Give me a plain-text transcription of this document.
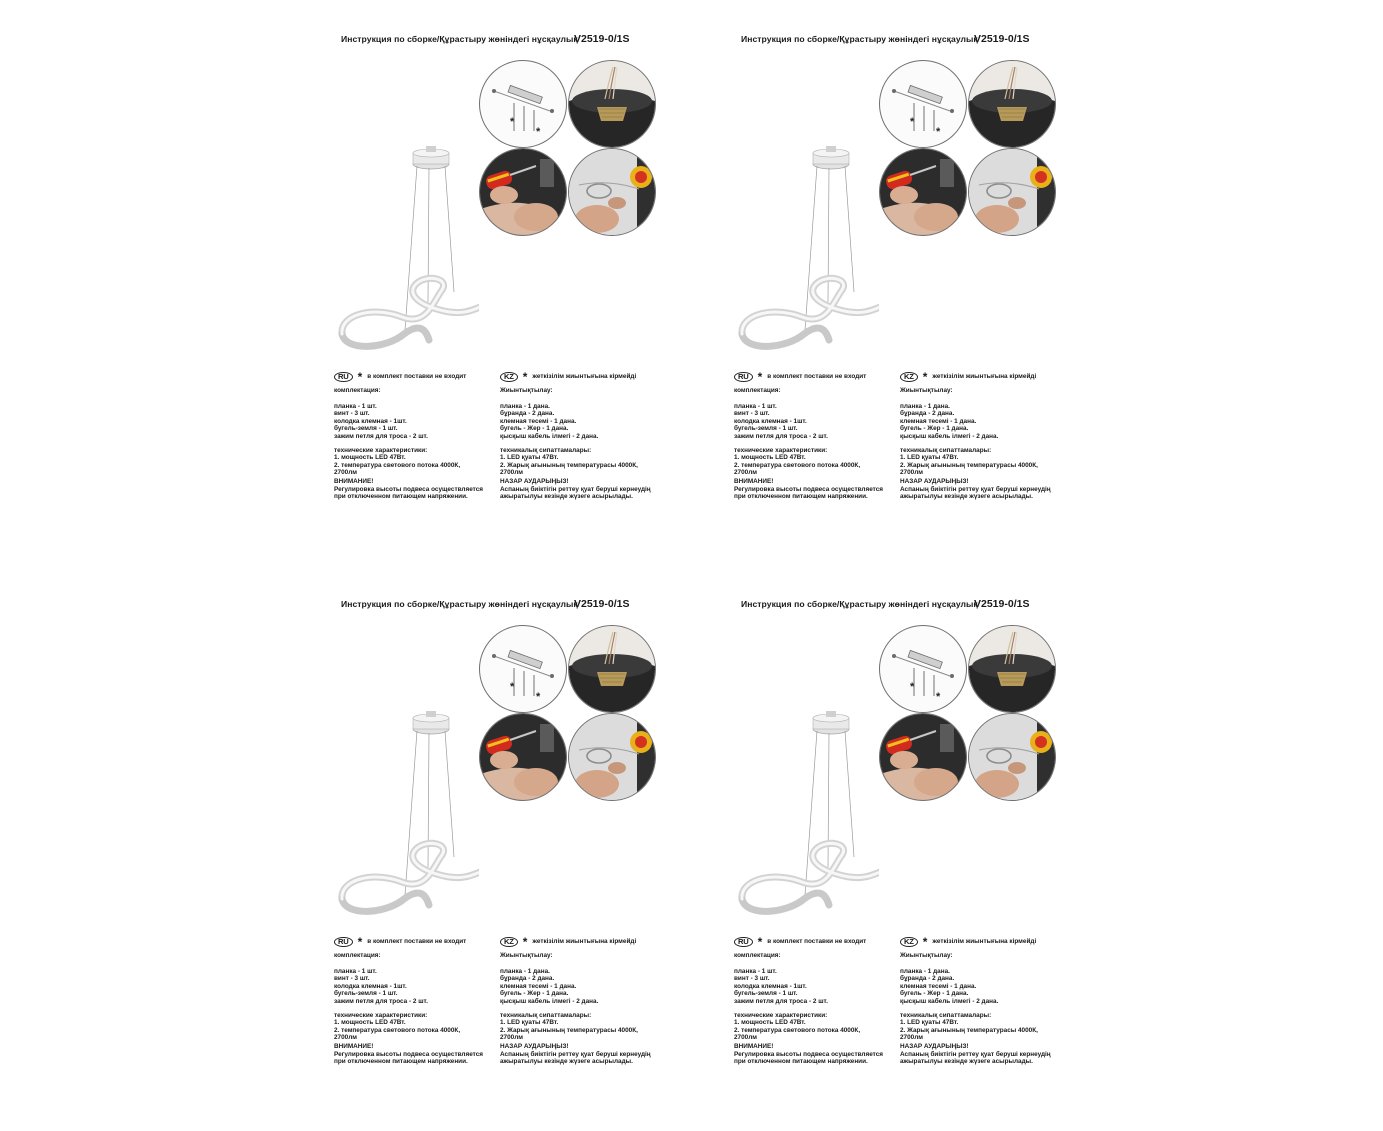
Инструкция по сборке/Құрастыру жөніндегі нұсқаулық
V2519-0/1S
*
*
RU * в комплект поставки не входит
комплектация:
планка - 1 шт.
винт - 3 шт.
колодка клемная - 1шт.
бугель-земля - 1 шт.
зажим петля для троса - 2 шт.
технические характеристики:
1. мощность LED 47Вт.
2. температура светового потока 4000К,
2700лм
ВНИМАНИЕ!
Регулировка высоты подвеса осуществляется
при отключенном питающем напряжении.
KZ * жеткізілім жиынтығына кірмейді
Жиынтықтылау:
планка - 1 дана.
бұранда - 2 дана.
клемная тесемі - 1 дана.
бугель - Жер - 1 дана.
қысқыш кабель ілмегі - 2 дана.
техникалық сипаттамалары:
1. LED қуаты 47Вт.
2. Жарық ағынының температурасы 4000К,
2700лм
НАЗАР АУДАРЫҢЫЗ!
Аспаның биіктігін реттеу қуат беруші кернеудің
ажыратылуы кезінде жүзеге асырылады.
Инструкция по сборке/Құрастыру жөніндегі нұсқаулық
V2519-0/1S
*
*
RU * в комплект поставки не входит
комплектация:
планка - 1 шт.
винт - 3 шт.
колодка клемная - 1шт.
бугель-земля - 1 шт.
зажим петля для троса - 2 шт.
технические характеристики:
1. мощность LED 47Вт.
2. температура светового потока 4000К,
2700лм
ВНИМАНИЕ!
Регулировка высоты подвеса осуществляется
при отключенном питающем напряжении.
KZ * жеткізілім жиынтығына кірмейді
Жиынтықтылау:
планка - 1 дана.
бұранда - 2 дана.
клемная тесемі - 1 дана.
бугель - Жер - 1 дана.
қысқыш кабель ілмегі - 2 дана.
техникалық сипаттамалары:
1. LED қуаты 47Вт.
2. Жарық ағынының температурасы 4000К,
2700лм
НАЗАР АУДАРЫҢЫЗ!
Аспаның биіктігін реттеу қуат беруші кернеудің
ажыратылуы кезінде жүзеге асырылады.
Инструкция по сборке/Құрастыру жөніндегі нұсқаулық
V2519-0/1S
*
*
RU * в комплект поставки не входит
комплектация:
планка - 1 шт.
винт - 3 шт.
колодка клемная - 1шт.
бугель-земля - 1 шт.
зажим петля для троса - 2 шт.
технические характеристики:
1. мощность LED 47Вт.
2. температура светового потока 4000К,
2700лм
ВНИМАНИЕ!
Регулировка высоты подвеса осуществляется
при отключенном питающем напряжении.
KZ * жеткізілім жиынтығына кірмейді
Жиынтықтылау:
планка - 1 дана.
бұранда - 2 дана.
клемная тесемі - 1 дана.
бугель - Жер - 1 дана.
қысқыш кабель ілмегі - 2 дана.
техникалық сипаттамалары:
1. LED қуаты 47Вт.
2. Жарық ағынының температурасы 4000К,
2700лм
НАЗАР АУДАРЫҢЫЗ!
Аспаның биіктігін реттеу қуат беруші кернеудің
ажыратылуы кезінде жүзеге асырылады.
Инструкция по сборке/Құрастыру жөніндегі нұсқаулық
V2519-0/1S
*
*
RU * в комплект поставки не входит
комплектация:
планка - 1 шт.
винт - 3 шт.
колодка клемная - 1шт.
бугель-земля - 1 шт.
зажим петля для троса - 2 шт.
технические характеристики:
1. мощность LED 47Вт.
2. температура светового потока 4000К,
2700лм
ВНИМАНИЕ!
Регулировка высоты подвеса осуществляется
при отключенном питающем напряжении.
KZ * жеткізілім жиынтығына кірмейді
Жиынтықтылау:
планка - 1 дана.
бұранда - 2 дана.
клемная тесемі - 1 дана.
бугель - Жер - 1 дана.
қысқыш кабель ілмегі - 2 дана.
техникалық сипаттамалары:
1. LED қуаты 47Вт.
2. Жарық ағынының температурасы 4000К,
2700лм
НАЗАР АУДАРЫҢЫЗ!
Аспаның биіктігін реттеу қуат беруші кернеудің
ажыратылуы кезінде жүзеге асырылады.
